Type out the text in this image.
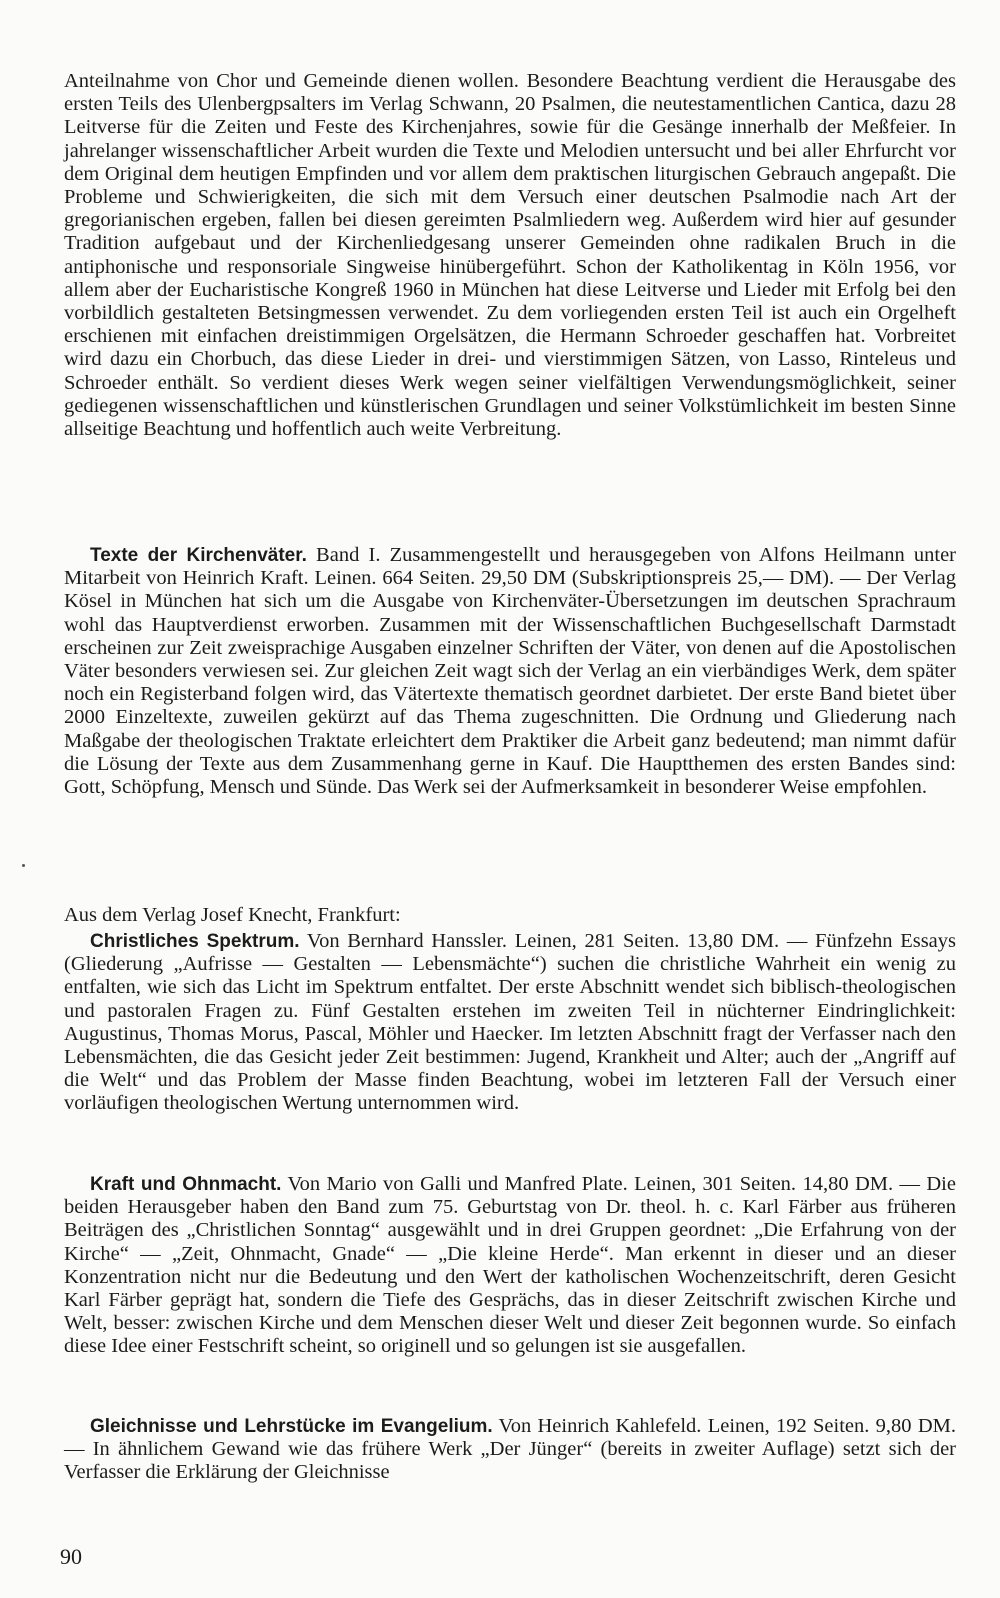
Anteilnahme von Chor und Gemeinde dienen wollen. Besondere Beachtung verdient die Herausgabe des ersten Teils des Ulenbergpsalters im Verlag Schwann, 20 Psalmen, die neutestamentlichen Cantica, dazu 28 Leitverse für die Zeiten und Feste des Kirchenjahres, sowie für die Gesänge innerhalb der Meßfeier. In jahrelanger wissenschaftlicher Arbeit wurden die Texte und Melodien untersucht und bei aller Ehrfurcht vor dem Original dem heutigen Empfinden und vor allem dem praktischen liturgischen Gebrauch angepaßt. Die Probleme und Schwierigkeiten, die sich mit dem Versuch einer deutschen Psalmodie nach Art der gregorianischen ergeben, fallen bei diesen gereimten Psalmliedern weg. Außerdem wird hier auf gesunder Tradition aufgebaut und der Kirchenliedgesang unserer Gemeinden ohne radikalen Bruch in die antiphonische und responsoriale Singweise hinübergeführt. Schon der Katholikentag in Köln 1956, vor allem aber der Eucharistische Kongreß 1960 in München hat diese Leitverse und Lieder mit Erfolg bei den vorbildlich gestalteten Betsingmessen verwendet. Zu dem vorliegenden ersten Teil ist auch ein Orgelheft erschienen mit einfachen dreistimmigen Orgelsätzen, die Hermann Schroeder geschaffen hat. Vorbreitet wird dazu ein Chorbuch, das diese Lieder in drei- und vierstimmigen Sätzen, von Lasso, Rinteleus und Schroeder enthält. So verdient dieses Werk wegen seiner vielfältigen Verwendungsmöglichkeit, seiner gediegenen wissenschaftlichen und künstlerischen Grundlagen und seiner Volkstümlichkeit im besten Sinne allseitige Beachtung und hoffentlich auch weite Verbreitung.

Texte der Kirchenväter. Band I. Zusammengestellt und herausgegeben von Alfons Heilmann unter Mitarbeit von Heinrich Kraft. Leinen. 664 Seiten. 29,50 DM (Subskriptionspreis 25,— DM). — Der Verlag Kösel in München hat sich um die Ausgabe von Kirchenväter-Übersetzungen im deutschen Sprachraum wohl das Hauptverdienst erworben. Zusammen mit der Wissenschaftlichen Buchgesellschaft Darmstadt erscheinen zur Zeit zweisprachige Ausgaben einzelner Schriften der Väter, von denen auf die Apostolischen Väter besonders verwiesen sei. Zur gleichen Zeit wagt sich der Verlag an ein vierbändiges Werk, dem später noch ein Registerband folgen wird, das Vätertexte thematisch geordnet darbietet. Der erste Band bietet über 2000 Einzeltexte, zuweilen gekürzt auf das Thema zugeschnitten. Die Ordnung und Gliederung nach Maßgabe der theologischen Traktate erleichtert dem Praktiker die Arbeit ganz bedeutend; man nimmt dafür die Lösung der Texte aus dem Zusammenhang gerne in Kauf. Die Hauptthemen des ersten Bandes sind: Gott, Schöpfung, Mensch und Sünde. Das Werk sei der Aufmerksamkeit in besonderer Weise empfohlen.

Aus dem Verlag Josef Knecht, Frankfurt:

Christliches Spektrum. Von Bernhard Hanssler. Leinen, 281 Seiten. 13,80 DM. — Fünfzehn Essays (Gliederung „Aufrisse — Gestalten — Lebensmächte“) suchen die christliche Wahrheit ein wenig zu entfalten, wie sich das Licht im Spektrum entfaltet. Der erste Abschnitt wendet sich biblisch-theologischen und pastoralen Fragen zu. Fünf Gestalten erstehen im zweiten Teil in nüchterner Eindringlichkeit: Augustinus, Thomas Morus, Pascal, Möhler und Haecker. Im letzten Abschnitt fragt der Verfasser nach den Lebensmächten, die das Gesicht jeder Zeit bestimmen: Jugend, Krankheit und Alter; auch der „Angriff auf die Welt“ und das Problem der Masse finden Beachtung, wobei im letzteren Fall der Versuch einer vorläufigen theologischen Wertung unternommen wird.

Kraft und Ohnmacht. Von Mario von Galli und Manfred Plate. Leinen, 301 Seiten. 14,80 DM. — Die beiden Herausgeber haben den Band zum 75. Geburtstag von Dr. theol. h. c. Karl Färber aus früheren Beiträgen des „Christlichen Sonntag“ ausgewählt und in drei Gruppen geordnet: „Die Erfahrung von der Kirche“ — „Zeit, Ohnmacht, Gnade“ — „Die kleine Herde“. Man erkennt in dieser und an dieser Konzentration nicht nur die Bedeutung und den Wert der katholischen Wochenzeitschrift, deren Gesicht Karl Färber geprägt hat, sondern die Tiefe des Gesprächs, das in dieser Zeitschrift zwischen Kirche und Welt, besser: zwischen Kirche und dem Menschen dieser Welt und dieser Zeit begonnen wurde. So einfach diese Idee einer Festschrift scheint, so originell und so gelungen ist sie ausgefallen.

Gleichnisse und Lehrstücke im Evangelium. Von Heinrich Kahlefeld. Leinen, 192 Seiten. 9,80 DM. — In ähnlichem Gewand wie das frühere Werk „Der Jünger“ (bereits in zweiter Auflage) setzt sich der Verfasser die Erklärung der Gleichnisse

90
